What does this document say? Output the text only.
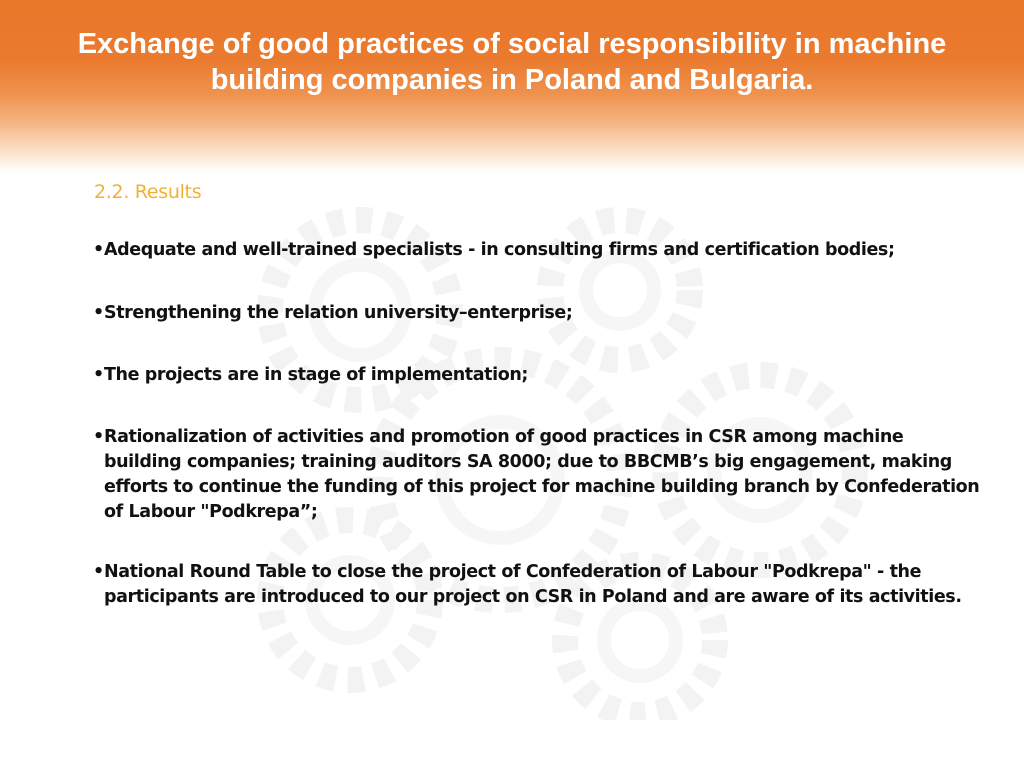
Exchange of good practices of social responsibility in machine building companies in Poland and Bulgaria.
2.2. Results
• Adequate and well-trained specialists - in consulting firms and certification bodies;
• Strengthening the relation university–enterprise;
• The projects are in stage of implementation;
• Rationalization of activities and promotion of good practices in CSR among machine building companies; training auditors SA 8000; due to BBCMB’s big engagement, making efforts to continue the funding of this project for machine building branch by Confederation of Labour "Podkrepa”;
• National Round Table to close the project of Confederation of Labour "Podkrepa" - the participants are introduced to our project on CSR in Poland and are aware of its activities.
